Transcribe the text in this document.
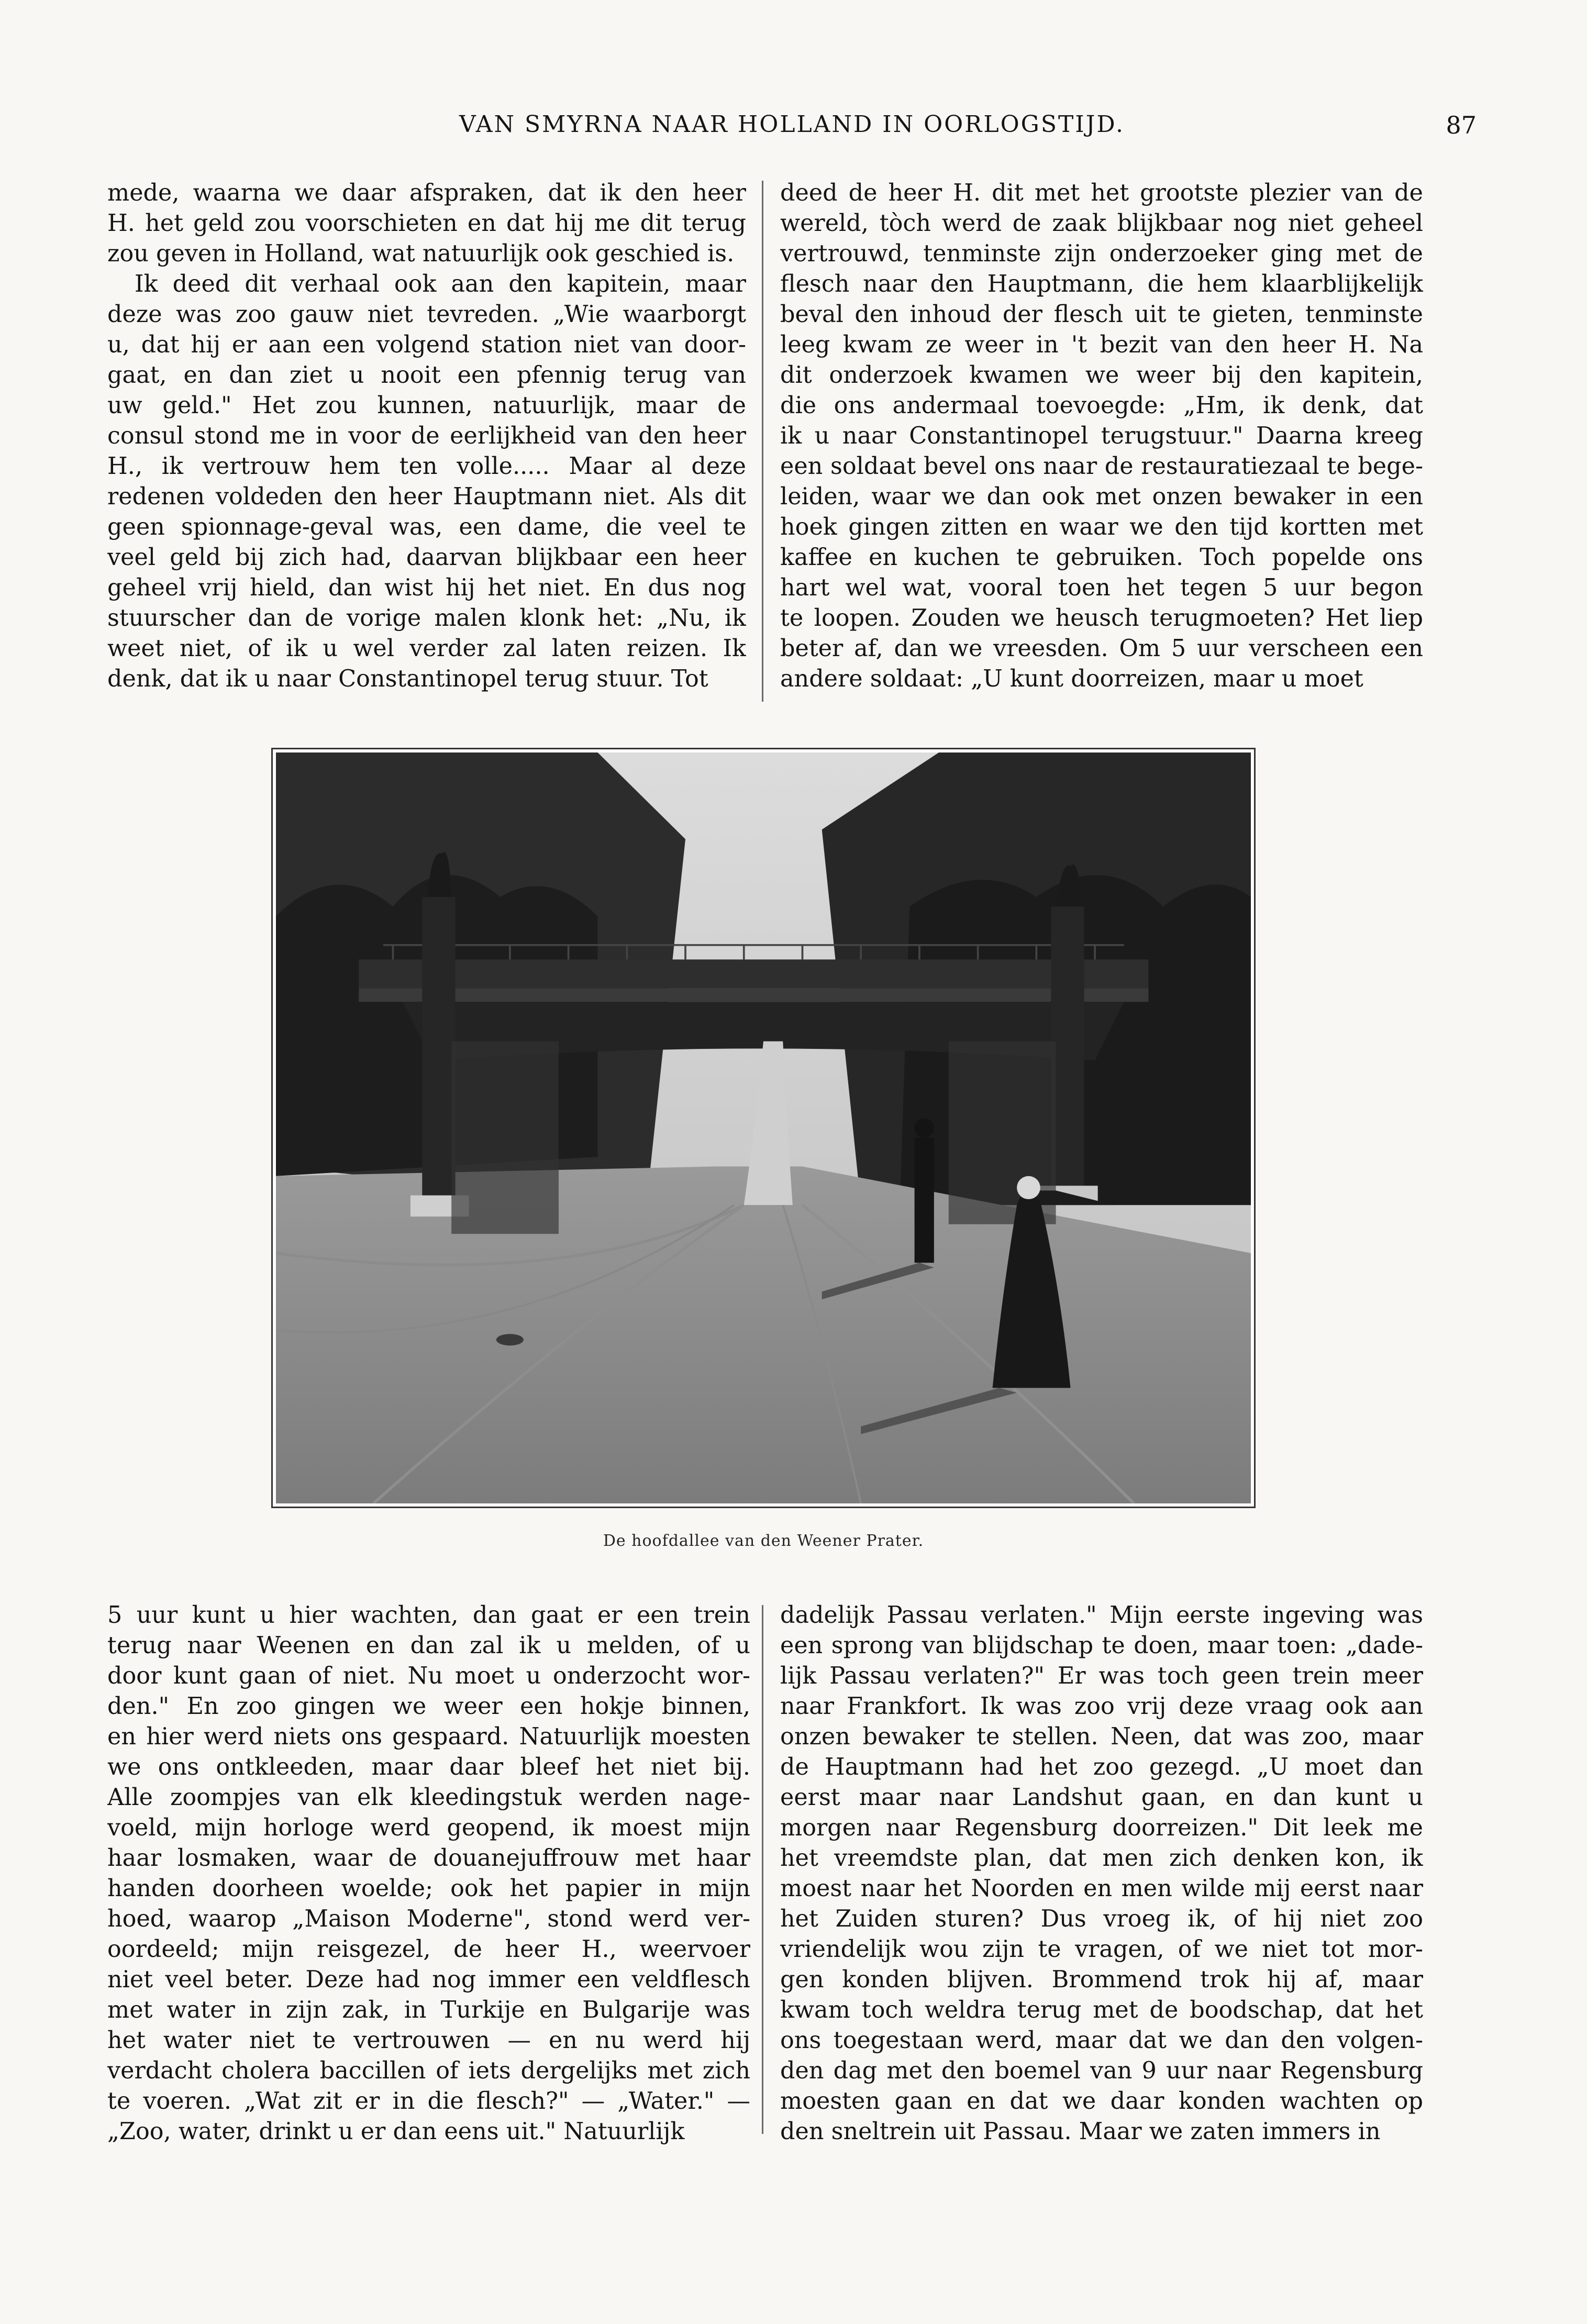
VAN SMYRNA NAAR HOLLAND IN OORLOGSTIJD.	87
mede, waarna we daar afspraken, dat ik den heer
H. het geld zou voorschieten en dat hij me dit terug
zou geven in Holland, wat natuurlijk ook geschied is.
Ik deed dit verhaal ook aan den kapitein, maar
deze was zoo gauw niet tevreden. „Wie waarborgt
u, dat hij er aan een volgend station niet van door-
gaat, en dan ziet u nooit een pfennig terug van
uw geld." Het zou kunnen, natuurlijk, maar de
consul stond me in voor de eerlijkheid van den heer
H., ik vertrouw hem ten volle..... Maar al deze
redenen voldeden den heer Hauptmann niet. Als dit
geen spionnage-geval was, een dame, die veel te
veel geld bij zich had, daarvan blijkbaar een heer
geheel vrij hield, dan wist hij het niet. En dus nog
stuurscher dan de vorige malen klonk het: „Nu, ik
weet niet, of ik u wel verder zal laten reizen. Ik
denk, dat ik u naar Constantinopel terug stuur. Tot
deed de heer H. dit met het grootste plezier van de
wereld, tòch werd de zaak blijkbaar nog niet geheel
vertrouwd, tenminste zijn onderzoeker ging met de
flesch naar den Hauptmann, die hem klaarblijkelijk
beval den inhoud der flesch uit te gieten, tenminste
leeg kwam ze weer in 't bezit van den heer H. Na
dit onderzoek kwamen we weer bij den kapitein,
die ons andermaal toevoegde: „Hm, ik denk, dat
ik u naar Constantinopel terugstuur." Daarna kreeg
een soldaat bevel ons naar de restauratiezaal te bege-
leiden, waar we dan ook met onzen bewaker in een
hoek gingen zitten en waar we den tijd kortten met
kaffee en kuchen te gebruiken. Toch popelde ons
hart wel wat, vooral toen het tegen 5 uur begon
te loopen. Zouden we heusch terugmoeten? Het liep
beter af, dan we vreesden. Om 5 uur verscheen een
andere soldaat: „U kunt doorreizen, maar u moet
De hoofdallee van den Weener Prater.
5 uur kunt u hier wachten, dan gaat er een trein
terug naar Weenen en dan zal ik u melden, of u
door kunt gaan of niet. Nu moet u onderzocht wor-
den." En zoo gingen we weer een hokje binnen,
en hier werd niets ons gespaard. Natuurlijk moesten
we ons ontkleeden, maar daar bleef het niet bij.
Alle zoompjes van elk kleedingstuk werden nage-
voeld, mijn horloge werd geopend, ik moest mijn
haar losmaken, waar de douanejuffrouw met haar
handen doorheen woelde; ook het papier in mijn
hoed, waarop „Maison Moderne", stond werd ver-
oordeeld; mijn reisgezel, de heer H., weervoer
niet veel beter. Deze had nog immer een veldflesch
met water in zijn zak, in Turkije en Bulgarije was
het water niet te vertrouwen — en nu werd hij
verdacht cholera baccillen of iets dergelijks met zich
te voeren. „Wat zit er in die flesch?" — „Water." —
„Zoo, water, drinkt u er dan eens uit." Natuurlijk
dadelijk Passau verlaten." Mijn eerste ingeving was
een sprong van blijdschap te doen, maar toen: „dade-
lijk Passau verlaten?" Er was toch geen trein meer
naar Frankfort. Ik was zoo vrij deze vraag ook aan
onzen bewaker te stellen. Neen, dat was zoo, maar
de Hauptmann had het zoo gezegd. „U moet dan
eerst maar naar Landshut gaan, en dan kunt u
morgen naar Regensburg doorreizen." Dit leek me
het vreemdste plan, dat men zich denken kon, ik
moest naar het Noorden en men wilde mij eerst naar
het Zuiden sturen? Dus vroeg ik, of hij niet zoo
vriendelijk wou zijn te vragen, of we niet tot mor-
gen konden blijven. Brommend trok hij af, maar
kwam toch weldra terug met de boodschap, dat het
ons toegestaan werd, maar dat we dan den volgen-
den dag met den boemel van 9 uur naar Regensburg
moesten gaan en dat we daar konden wachten op
den sneltrein uit Passau. Maar we zaten immers in
